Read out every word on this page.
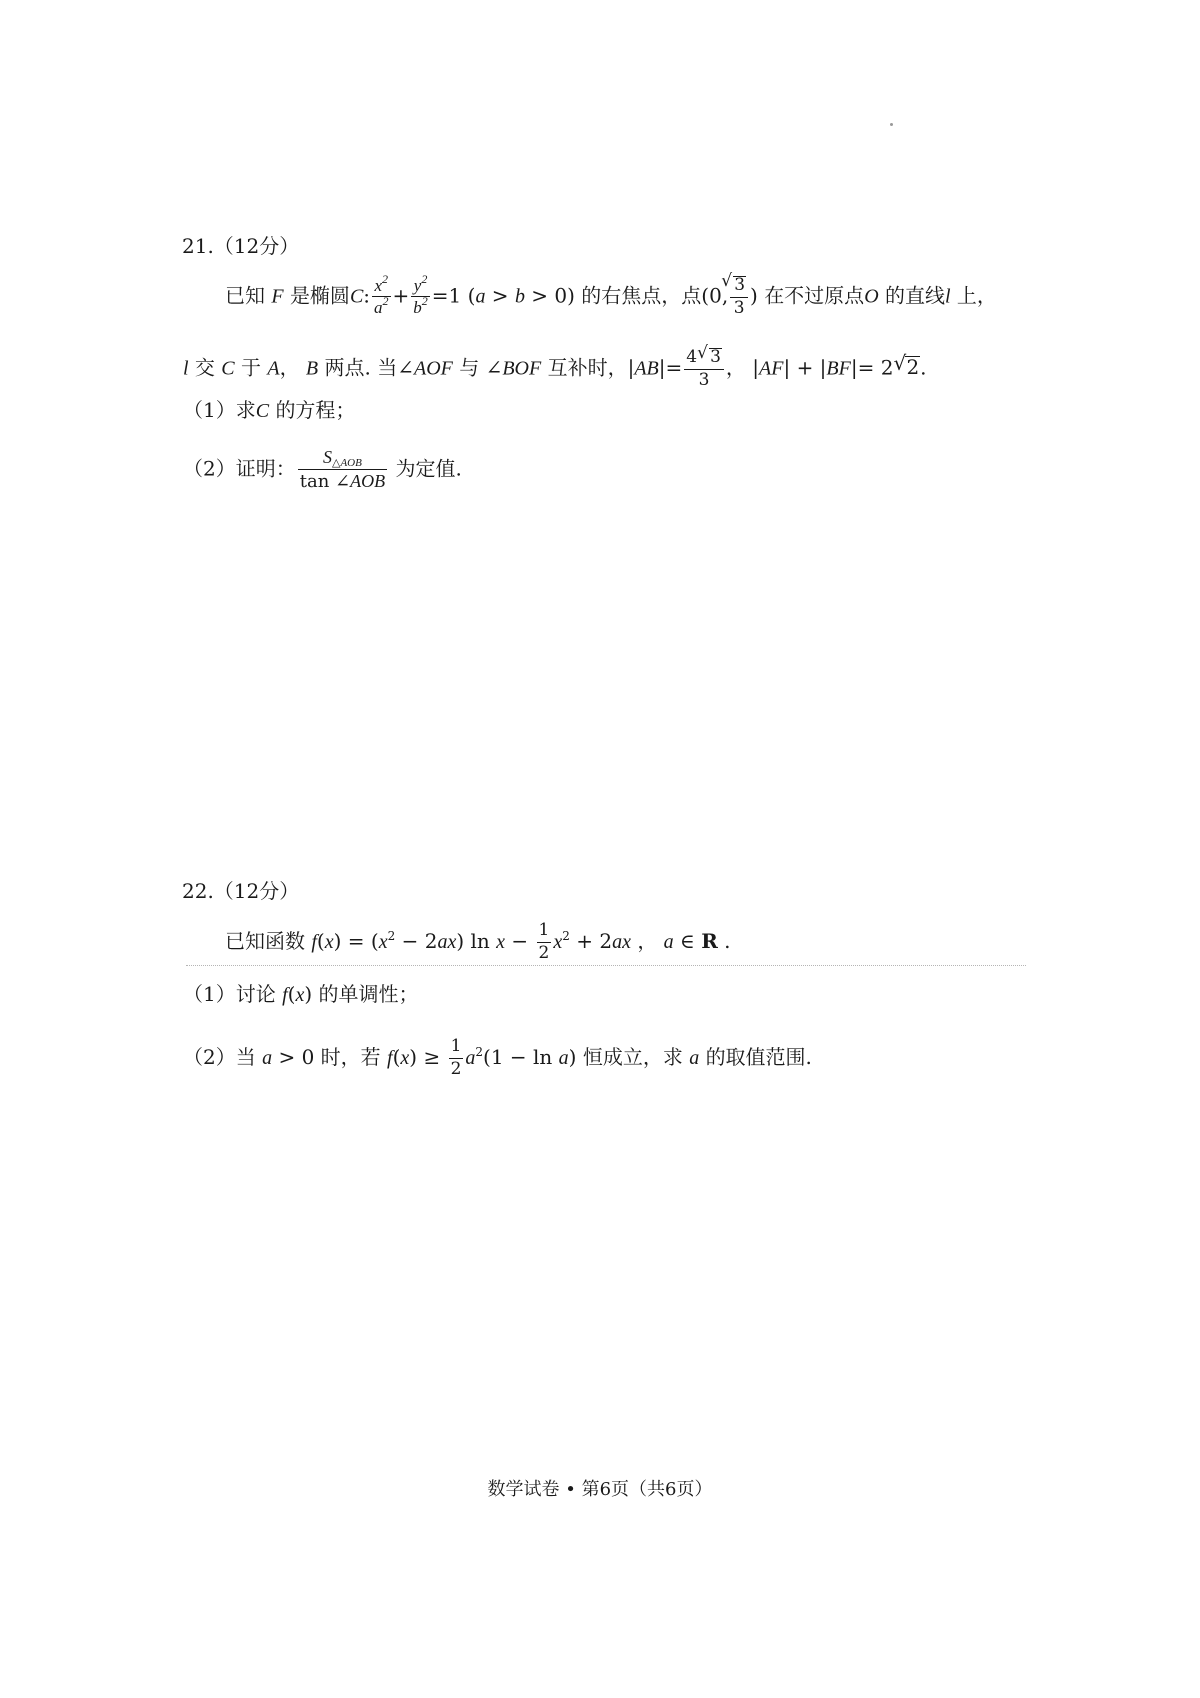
21.（12分）
已知 F 是椭圆C: $\frac{x^2}{a^2} + \frac{y^2}{b^2} =1$ (a > b > 0) 的右焦点，点(0, √ $\frac{3}{3}$ ) 在不过原点O 的直线l 上，
l 交 C 于 A， B 两点. 当∠AOF 与 ∠BOF 互补时，$|AB|= \frac{4 √ 3}{3}$ ， |AF| + |BF|= 2 √ 2.
（1）求C 的方程；
（2）证明： $\frac{S_{\triangle AOB}}{\text{tan ∠AOB}}$ 为定值.
22.（12分）
已知函数 $f(x) = (x^2 - 2ax)$ $\ln x - \frac{1}{2} x^2 + 2ax$ ， a ∈ R .
（1）讨论 f(x) 的单调性；
（2）当 a > 0 时，若 $f(x) \ge \frac{1}{2} a^2(1 - \ln a)$ 恒成立，求 a 的取值范围.
数学试卷 • 第6页（共6页）
